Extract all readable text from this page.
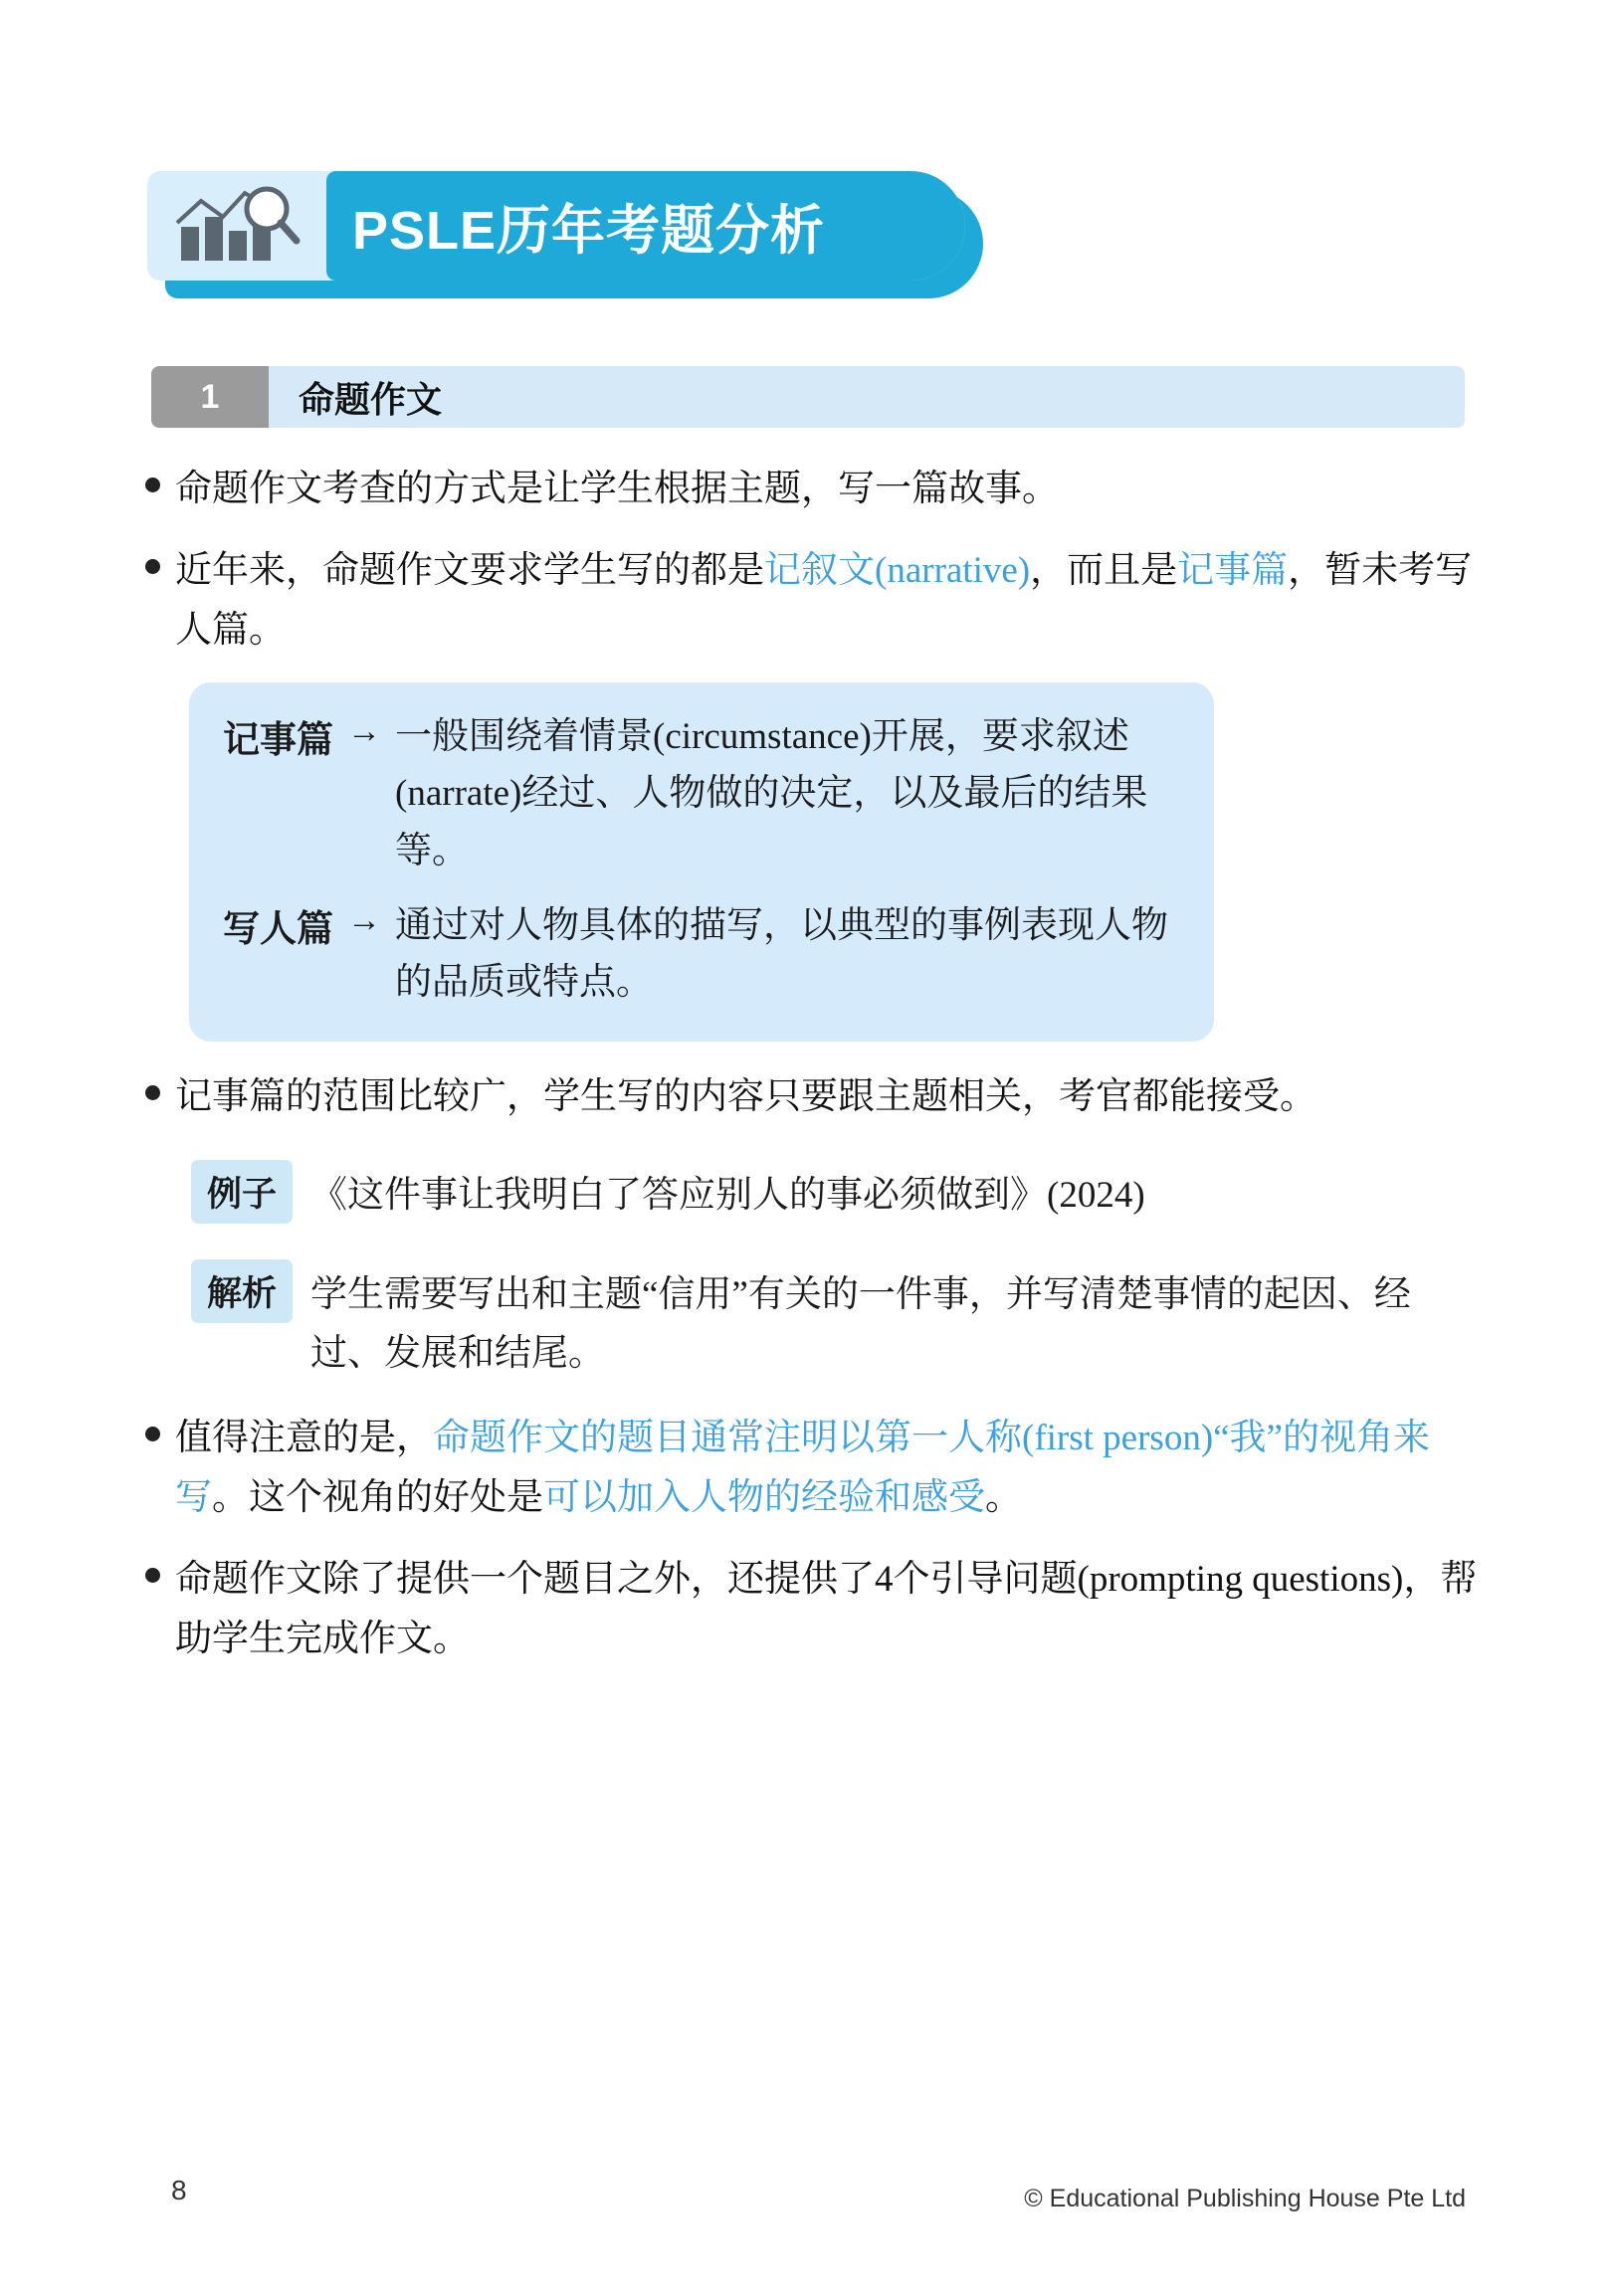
PSLE历年考题分析
1	命题作文
命题作文考查的方式是让学生根据主题，写一篇故事。
近年来，命题作文要求学生写的都是记叙文(narrative)，而且是记事篇，暂未考写人篇。
记事篇 → 一般围绕着情景(circumstance)开展，要求叙述(narrate)经过、人物做的决定，以及最后的结果等。
写人篇 → 通过对人物具体的描写，以典型的事例表现人物的品质或特点。
记事篇的范围比较广，学生写的内容只要跟主题相关，考官都能接受。
例子 《这件事让我明白了答应别人的事必须做到》(2024)
解析 学生需要写出和主题“信用”有关的一件事，并写清楚事情的起因、经过、发展和结尾。
值得注意的是，命题作文的题目通常注明以第一人称(first person)“我”的视角来写。这个视角的好处是可以加入人物的经验和感受。
命题作文除了提供一个题目之外，还提供了4个引导问题(prompting questions)，帮助学生完成作文。
8	© Educational Publishing House Pte Ltd
